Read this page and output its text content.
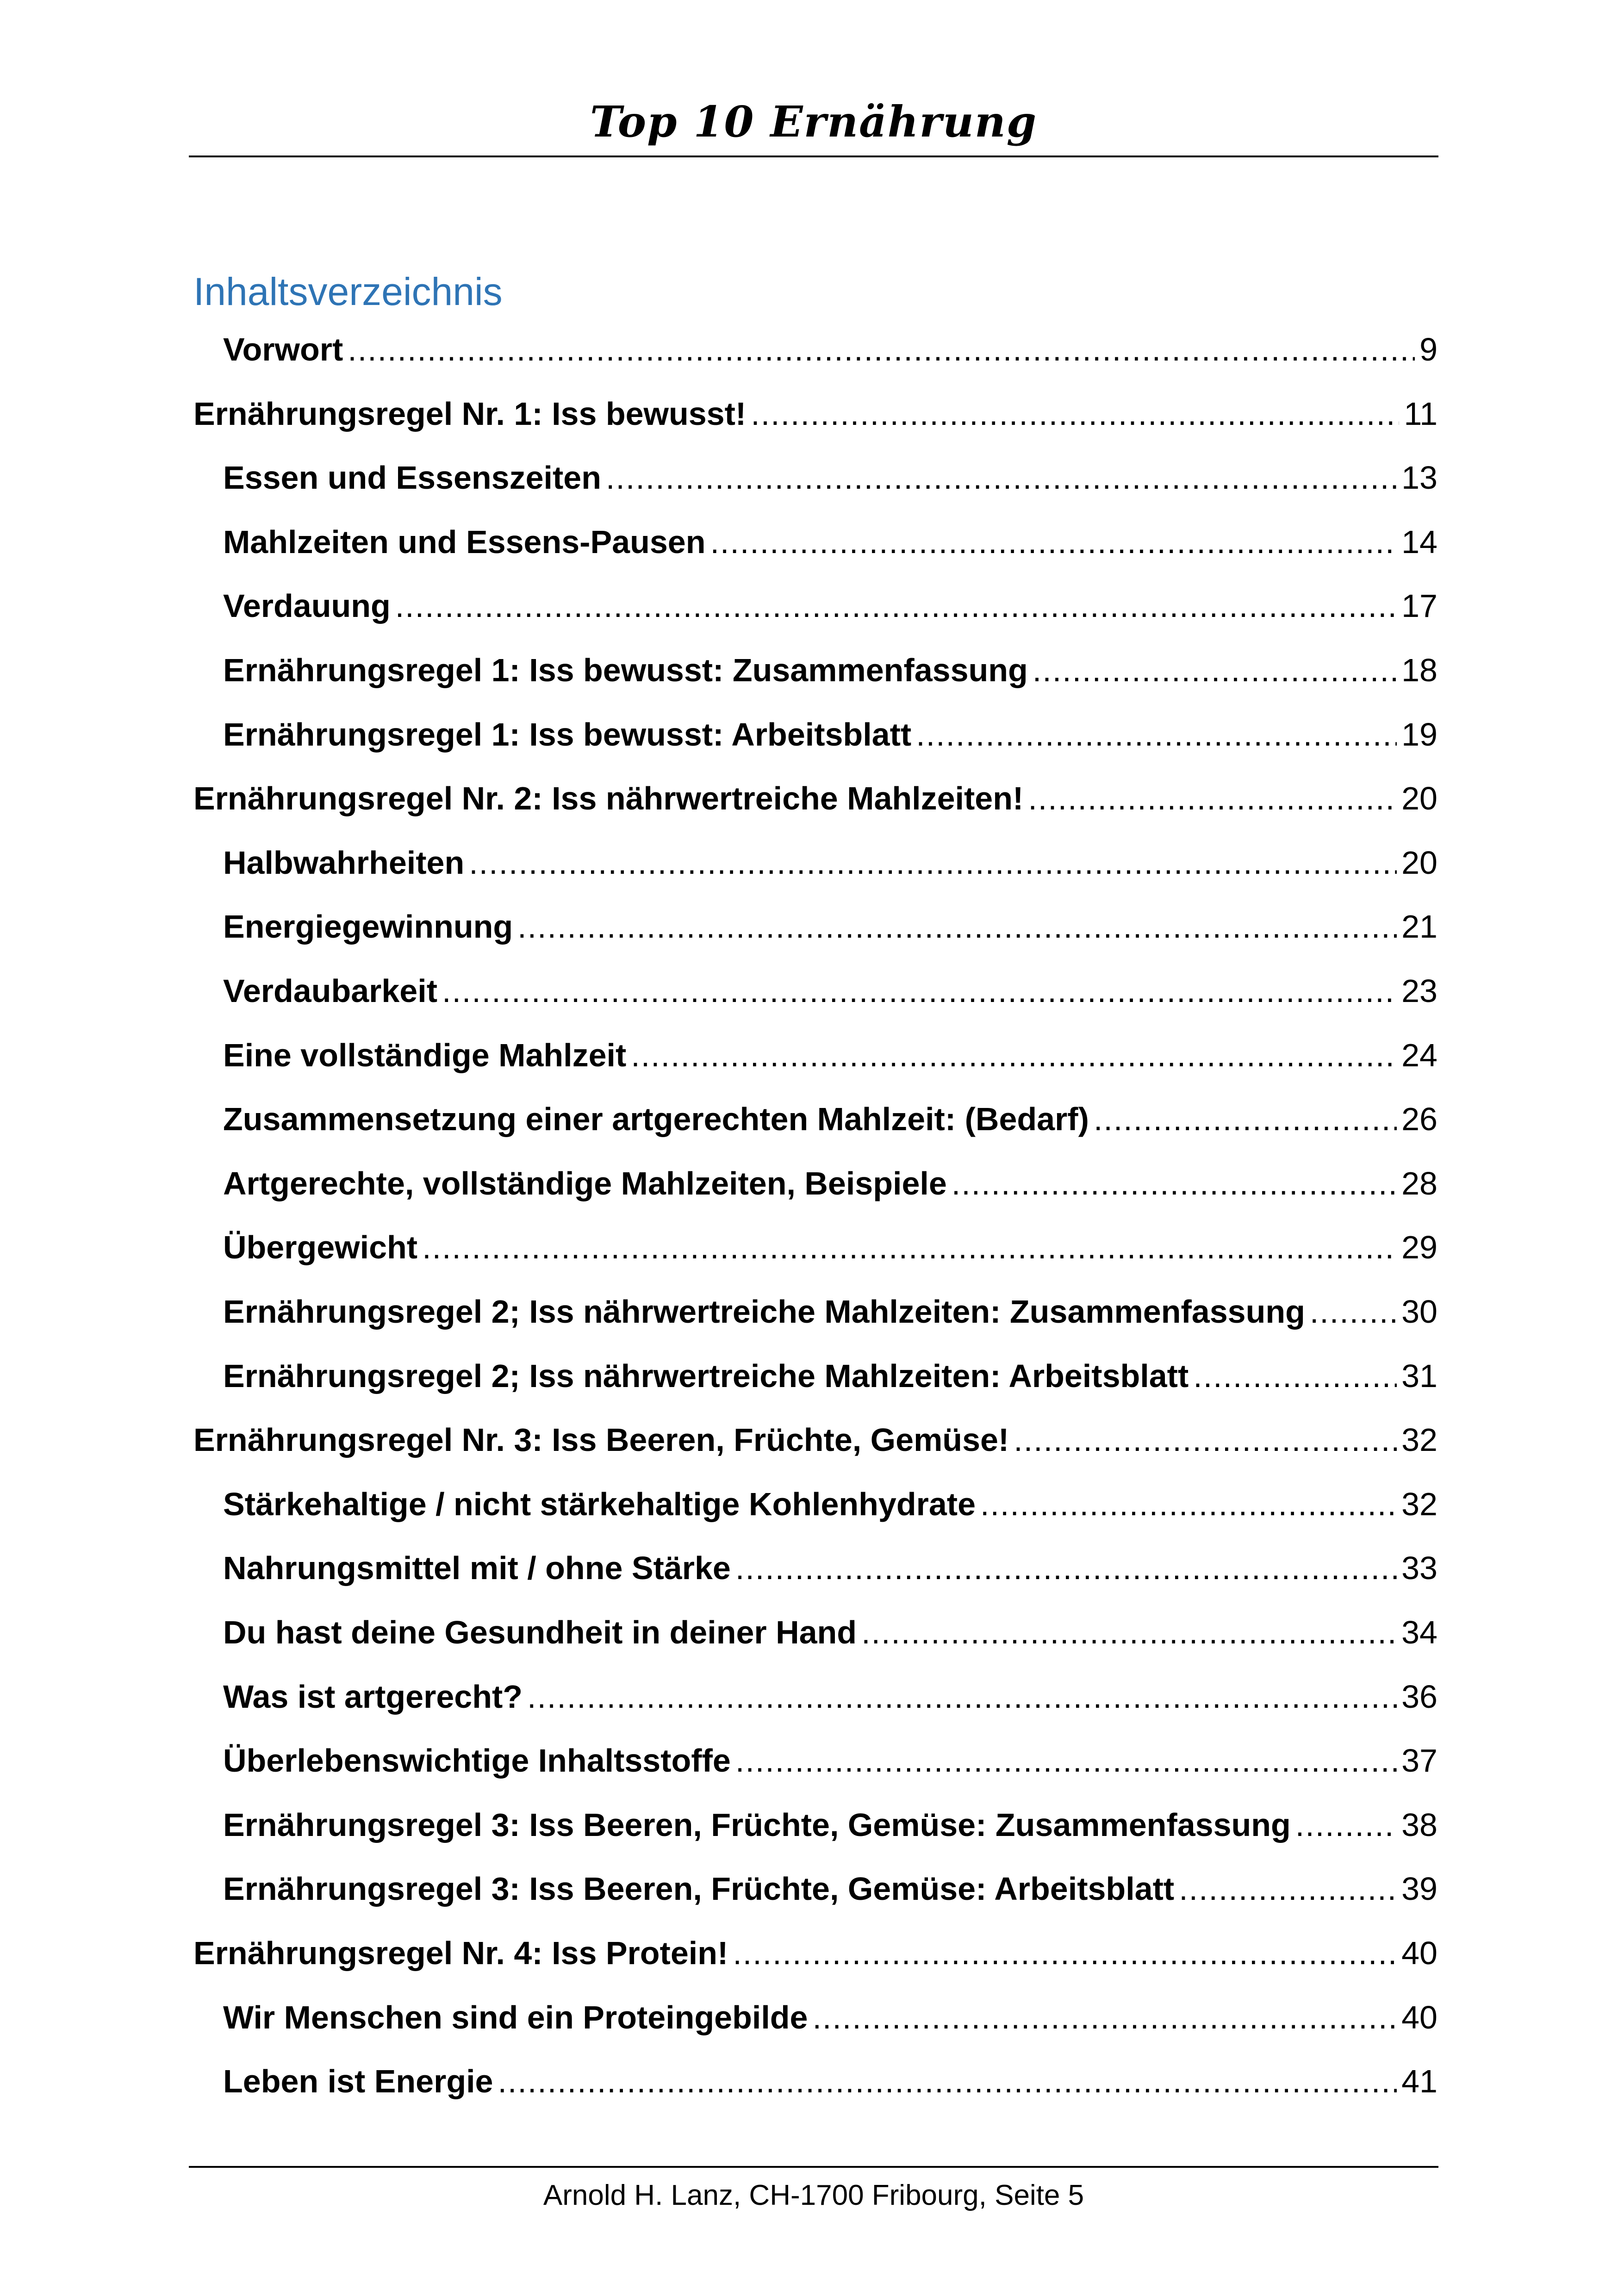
Top 10 Ernährung
Inhaltsverzeichnis
Vorwort .....	9
Ernährungsregel Nr. 1: Iss bewusst! .....	11
Essen und Essenszeiten .....	13
Mahlzeiten und Essens-Pausen .....	14
Verdauung .....	17
Ernährungsregel 1: Iss bewusst: Zusammenfassung .....	18
Ernährungsregel 1: Iss bewusst: Arbeitsblatt .....	19
Ernährungsregel Nr. 2: Iss nährwertreiche Mahlzeiten! .....	20
Halbwahrheiten .....	20
Energiegewinnung .....	21
Verdaubarkeit .....	23
Eine vollständige Mahlzeit .....	24
Zusammensetzung einer artgerechten Mahlzeit: (Bedarf) .....	26
Artgerechte, vollständige Mahlzeiten, Beispiele .....	28
Übergewicht .....	29
Ernährungsregel 2; Iss nährwertreiche Mahlzeiten: Zusammenfassung .....	30
Ernährungsregel 2; Iss nährwertreiche Mahlzeiten: Arbeitsblatt .....	31
Ernährungsregel Nr. 3: Iss Beeren, Früchte, Gemüse! .....	32
Stärkehaltige / nicht stärkehaltige Kohlenhydrate .....	32
Nahrungsmittel mit / ohne Stärke .....	33
Du hast deine Gesundheit in deiner Hand .....	34
Was ist artgerecht? .....	36
Überlebenswichtige Inhaltsstoffe .....	37
Ernährungsregel 3: Iss Beeren, Früchte, Gemüse: Zusammenfassung .....	38
Ernährungsregel 3: Iss Beeren, Früchte, Gemüse: Arbeitsblatt .....	39
Ernährungsregel Nr. 4: Iss Protein! .....	40
Wir Menschen sind ein Proteingebilde .....	40
Leben ist Energie .....	41
Arnold H. Lanz, CH-1700 Fribourg, Seite 5
